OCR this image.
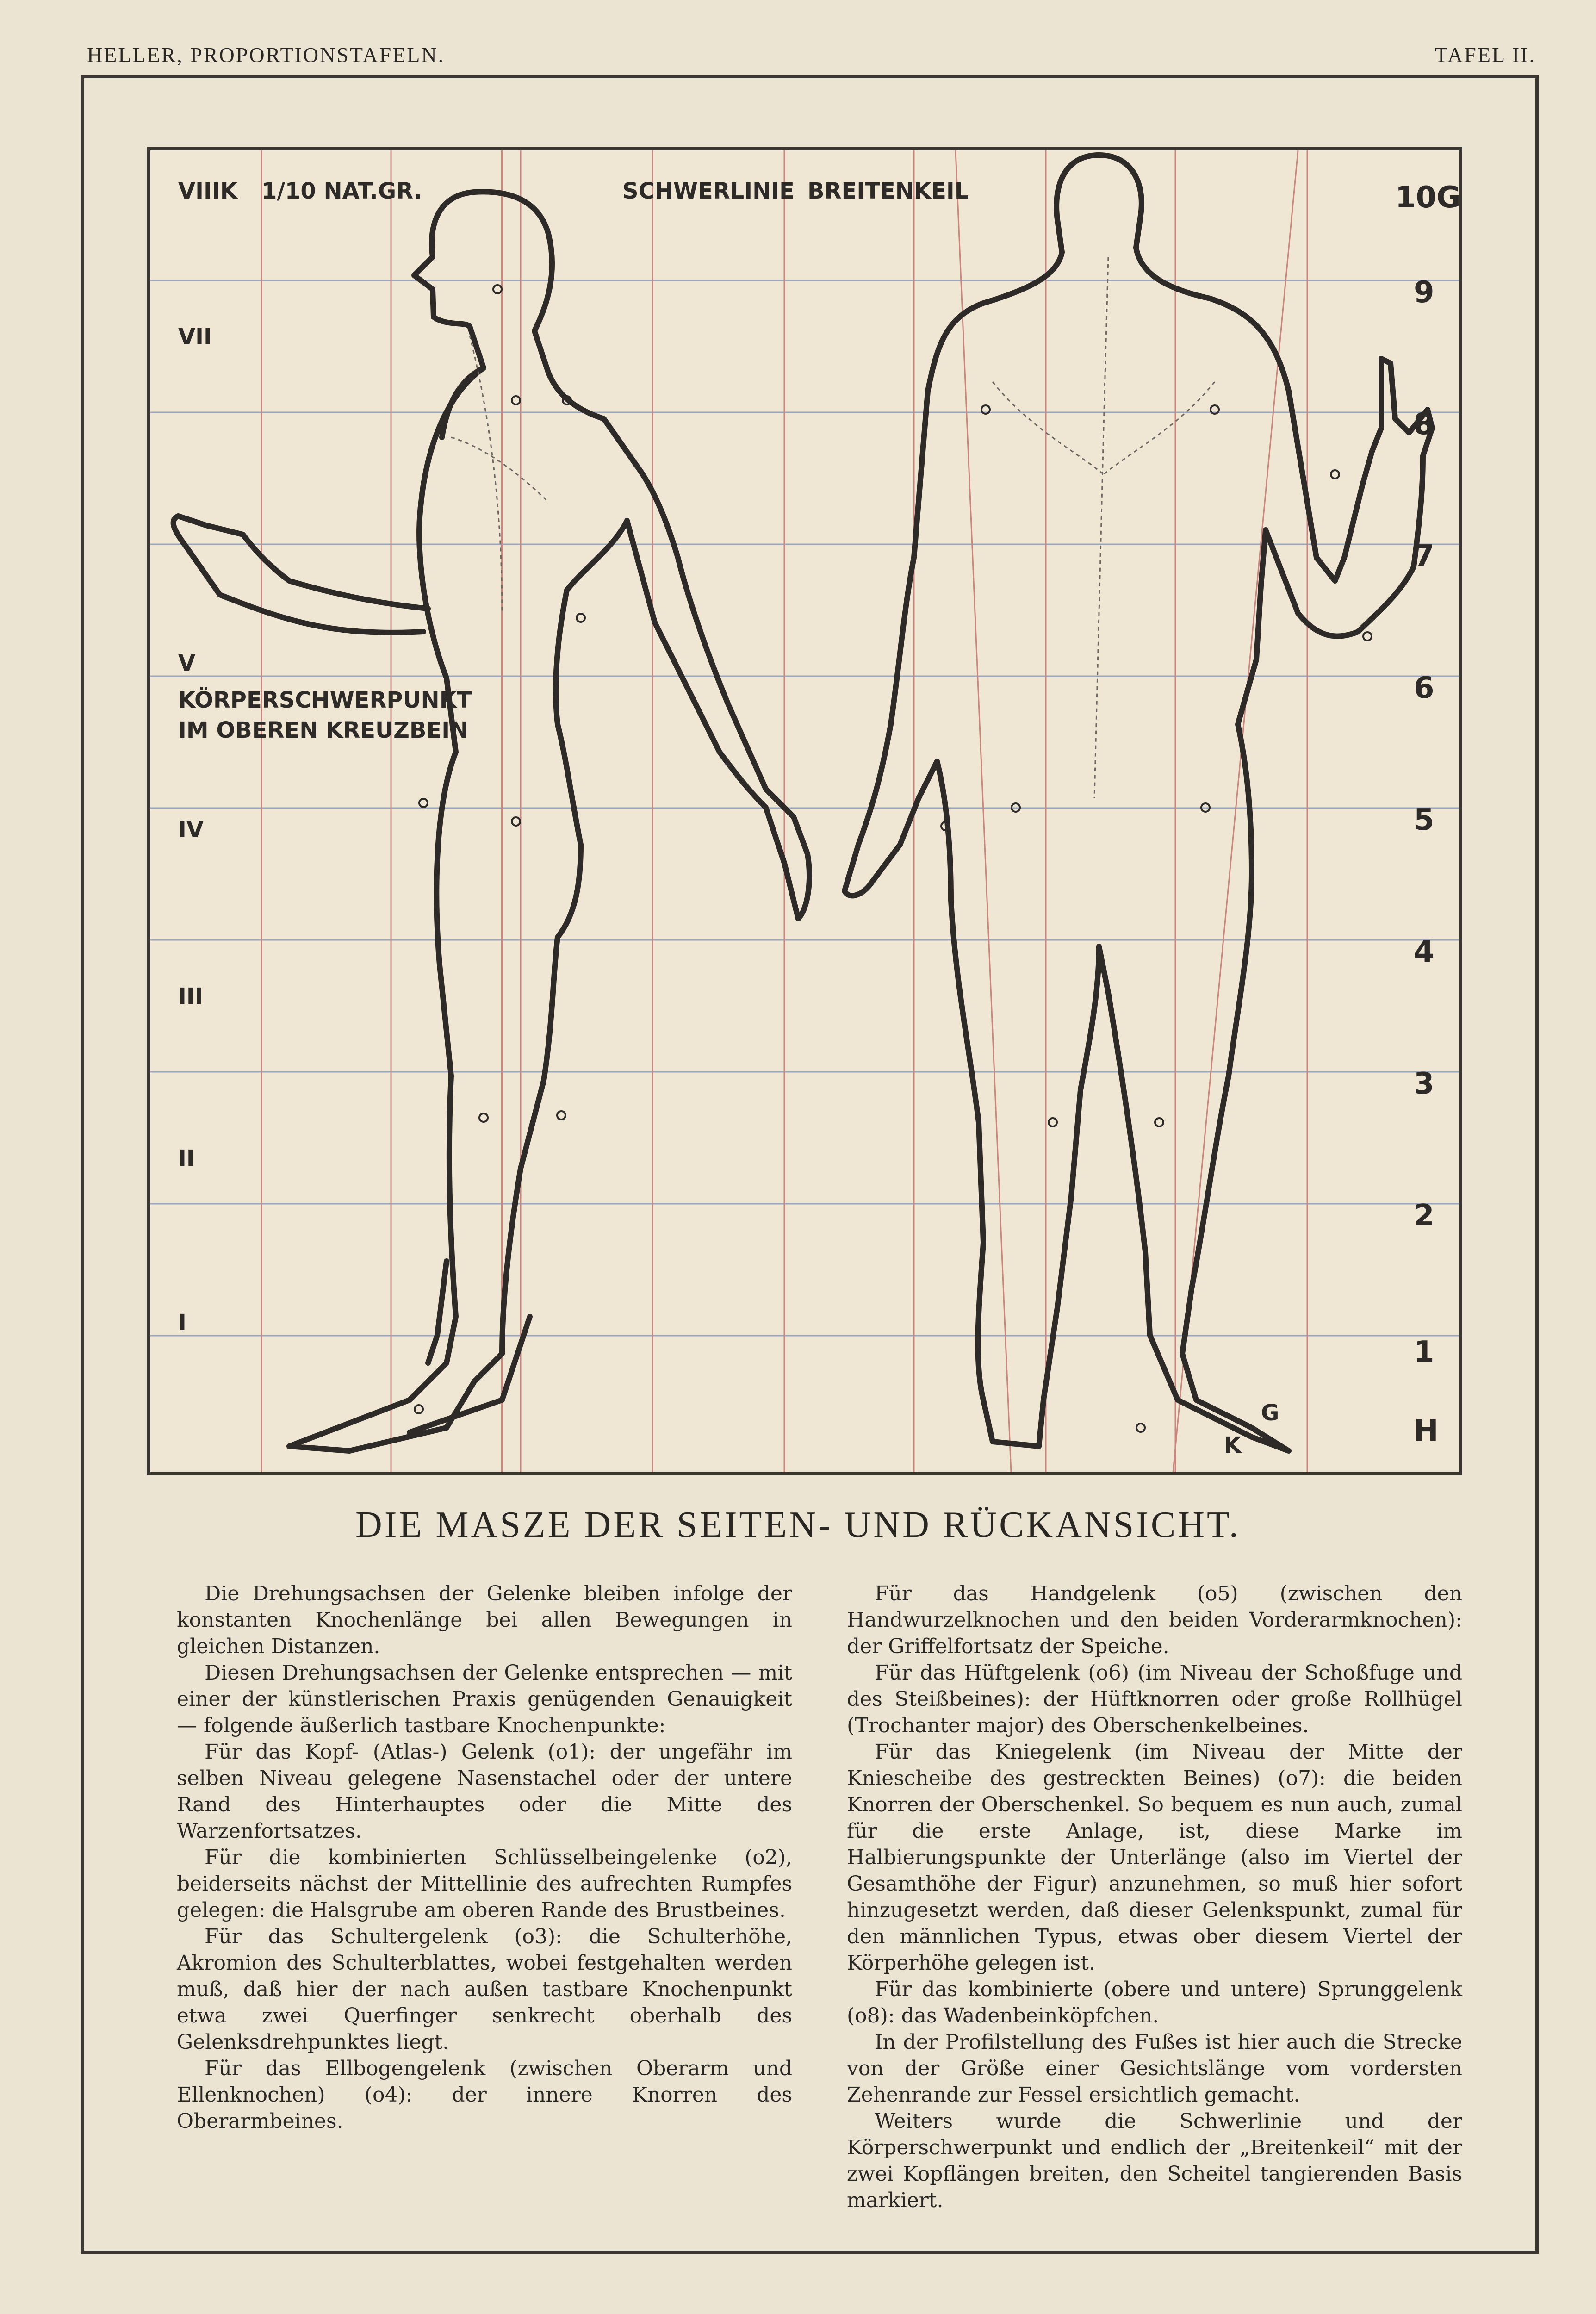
HELLER, PROPORTIONSTAFELN.	TAFEL II.
VIIIK 1/10 NAT.GR.	SCHWERLINIE BREITENKEIL
VII
V
IV
III
II
I
KÖRPERSCHWERPUNKT
IM OBEREN KREUZBEIN
10G
9
8
7
6
5
4
3
2
1
H
K
G
DIE MASZE DER SEITEN- UND RÜCKANSICHT.

Die Drehungsachsen der Gelenke bleiben infolge der konstanten Knochenlänge bei allen Bewegungen in gleichen Distanzen.

Diesen Drehungsachsen der Gelenke entsprechen — mit einer der künstlerischen Praxis genügenden Genauigkeit — folgende äußerlich tastbare Knochenpunkte:

Für das Kopf- (Atlas-) Gelenk (o1): der ungefähr im selben Niveau gelegene Nasenstachel oder der untere Rand des Hinterhauptes oder die Mitte des Warzenfortsatzes.

Für die kombinierten Schlüsselbeingelenke (o2), beiderseits nächst der Mittellinie des aufrechten Rumpfes gelegen: die Halsgrube am oberen Rande des Brustbeines.

Für das Schultergelenk (o3): die Schulterhöhe, Akromion des Schulterblattes, wobei festgehalten werden muß, daß hier der nach außen tastbare Knochenpunkt etwa zwei Querfinger senkrecht oberhalb des Gelenksdrehpunktes liegt.

Für das Ellbogengelenk (zwischen Oberarm und Ellenknochen) (o4): der innere Knorren des Oberarmbeines.

Für das Handgelenk (o5) (zwischen den Handwurzelknochen und den beiden Vorderarmknochen): der Griffelfortsatz der Speiche.

Für das Hüftgelenk (o6) (im Niveau der Schoßfuge und des Steißbeines): der Hüftknorren oder große Rollhügel (Trochanter major) des Oberschenkelbeines.

Für das Kniegelenk (im Niveau der Mitte der Kniescheibe des gestreckten Beines) (o7): die beiden Knorren der Oberschenkel. So bequem es nun auch, zumal für die erste Anlage, ist, diese Marke im Halbierungspunkte der Unterlänge (also im Viertel der Gesamthöhe der Figur) anzunehmen, so muß hier sofort hinzugesetzt werden, daß dieser Gelenkspunkt, zumal für den männlichen Typus, etwas ober diesem Viertel der Körperhöhe gelegen ist.

Für das kombinierte (obere und untere) Sprunggelenk (o8): das Wadenbeinköpfchen.

In der Profilstellung des Fußes ist hier auch die Strecke von der Größe einer Gesichtslänge vom vordersten Zehenrande zur Fessel ersichtlich gemacht.

Weiters wurde die Schwerlinie und der Körperschwerpunkt und endlich der „Breitenkeil“ mit der zwei Kopflängen breiten, den Scheitel tangierenden Basis markiert.
